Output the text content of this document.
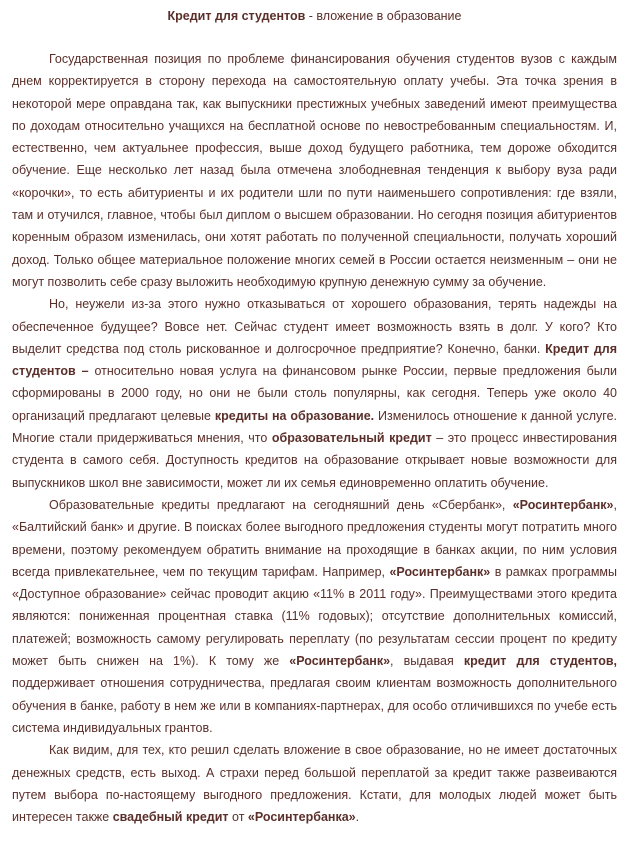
Кредит для студентов - вложение в образование

Государственная позиция по проблеме финансирования обучения студентов вузов с каждым днем корректируется в сторону перехода на самостоятельную оплату учебы. Эта точка зрения в некоторой мере оправдана так, как выпускники престижных учебных заведений имеют преимущества по доходам относительно учащихся на бесплатной основе по невостребованным специальностям. И, естественно, чем актуальнее профессия, выше доход будущего работника, тем дороже обходится обучение. Еще несколько лет назад была отмечена злободневная тенденция к выбору вуза ради «корочки», то есть абитуриенты и их родители шли по пути наименьшего сопротивления: где взяли, там и отучился, главное, чтобы был диплом о высшем образовании. Но сегодня позиция абитуриентов коренным образом изменилась, они хотят работать по полученной специальности, получать хороший доход. Только общее материальное положение многих семей в России остается неизменным – они не могут позволить себе сразу выложить необходимую крупную денежную сумму за обучение.

Но, неужели из-за этого нужно отказываться от хорошего образования, терять надежды на обеспеченное будущее? Вовсе нет. Сейчас студент имеет возможность взять в долг. У кого? Кто выделит средства под столь рискованное и долгосрочное предприятие? Конечно, банки. Кредит для студентов – относительно новая услуга на финансовом рынке России, первые предложения были сформированы в 2000 году, но они не были столь популярны, как сегодня. Теперь уже около 40 организаций предлагают целевые кредиты на образование. Изменилось отношение к данной услуге. Многие стали придерживаться мнения, что образовательный кредит – это процесс инвестирования студента в самого себя. Доступность кредитов на образование открывает новые возможности для выпускников школ вне зависимости, может ли их семья единовременно оплатить обучение.

Образовательные кредиты предлагают на сегодняшний день «Сбербанк», «Росинтербанк», «Балтийский банк» и другие. В поисках более выгодного предложения студенты могут потратить много времени, поэтому рекомендуем обратить внимание на проходящие в банках акции, по ним условия всегда привлекательнее, чем по текущим тарифам. Например, «Росинтербанк» в рамках программы «Доступное образование» сейчас проводит акцию «11% в 2011 году». Преимуществами этого кредита являются: пониженная процентная ставка (11% годовых); отсутствие дополнительных комиссий, платежей; возможность самому регулировать переплату (по результатам сессии процент по кредиту может быть снижен на 1%). К тому же «Росинтербанк», выдавая кредит для студентов, поддерживает отношения сотрудничества, предлагая своим клиентам возможность дополнительного обучения в банке, работу в нем же или в компаниях-партнерах, для особо отличившихся по учебе есть система индивидуальных грантов.

Как видим, для тех, кто решил сделать вложение в свое образование, но не имеет достаточных денежных средств, есть выход. А страхи перед большой переплатой за кредит также развеиваются путем выбора по-настоящему выгодного предложения. Кстати, для молодых людей может быть интересен также свадебный кредит от «Росинтербанка».
